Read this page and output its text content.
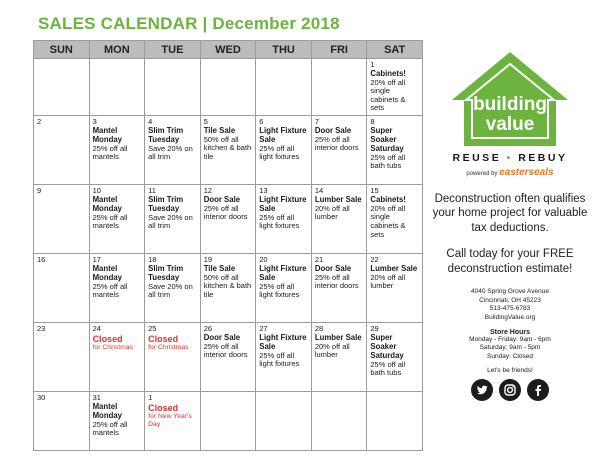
SALES CALENDAR | December 2018
SUN	MON	TUE	WED	THU	FRI	SAT

						1
Cabinets!
20% off all single cabinets & sets

2	3
Mantel Monday
25% off all mantels	4
Slim Trim Tuesday
Save 20% on all trim	5
Tile Sale
50% off all kitchen & bath tile	6
Light Fixture Sale
25% off all light fixtures	7
Door Sale
25% off all interior doors	8
Super Soaker Saturday
25% off all bath tubs

9	10
Mantel Monday
25% off all mantels	11
Slim Trim Tuesday
Save 20% on all trim	12
Door Sale
25% off all interior doors	13
Light Fixture Sale
25% off all light fixtures	14
Lumber Sale
20% off all lumber	15
Cabinets!
20% off all single cabinets & sets

16	17
Mantel Monday
25% off all mantels	18
Slim Trim Tuesday
Save 20% on all trim	19
Tile Sale
50% off all kitchen & bath tile	20
Light Fixture Sale
25% off all light fixtures	21
Door Sale
25% off all interior doors	22
Lumber Sale
20% off all lumber

23	24
Closed
for Christmas	25
Closed
for Christmas	26
Door Sale
25% off all interior doors	27
Light Fixture Sale
25% off all light fixtures	28
Lumber Sale
20% off all lumber	29
Super Soaker Saturday
25% off all bath tubs

30	31
Mantel Monday
25% off all mantels	1
Closed
for New Year's Day				

building
value
REUSE • REBUY
powered by easterseals
Deconstruction often qualifies your home project for valuable tax deductions.
Call today for your FREE deconstruction estimate!
4040 Spring Grove Avenue
Cincinnati, OH 45223
513-475-6783
BuildingValue.org
Store Hours
Monday - Friday: 9am - 6pm
Saturday: 9am - 5pm
Sunday: Closed
Let's be friends!
